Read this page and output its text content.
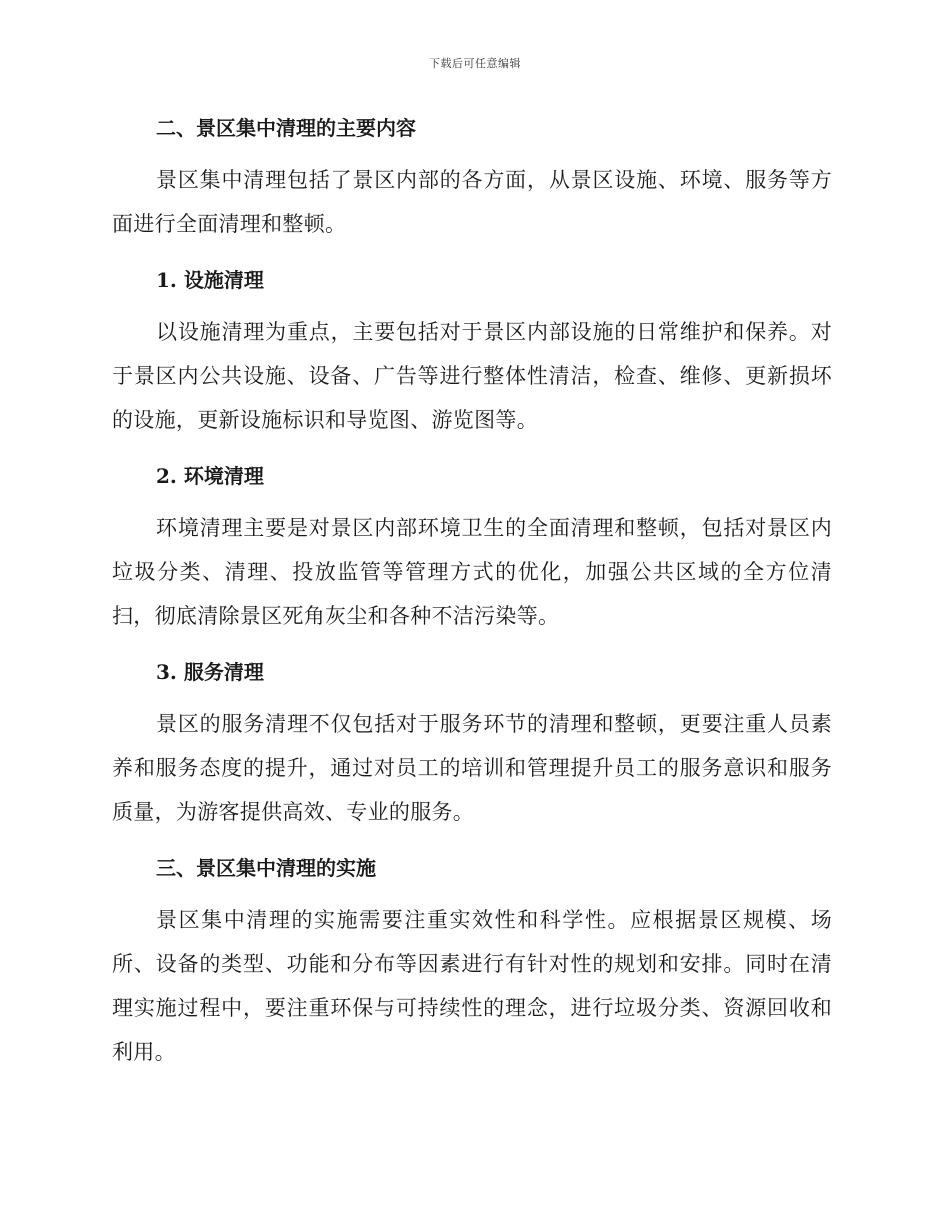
下载后可任意编辑
二、景区集中清理的主要内容

景区集中清理包括了景区内部的各方面，从景区设施、环境、服务等方面进行全面清理和整顿。

1. 设施清理

以设施清理为重点，主要包括对于景区内部设施的日常维护和保养。对于景区内公共设施、设备、广告等进行整体性清洁，检查、维修、更新损坏的设施，更新设施标识和导览图、游览图等。

2. 环境清理

环境清理主要是对景区内部环境卫生的全面清理和整顿，包括对景区内垃圾分类、清理、投放监管等管理方式的优化，加强公共区域的全方位清扫，彻底清除景区死角灰尘和各种不洁污染等。

3. 服务清理

景区的服务清理不仅包括对于服务环节的清理和整顿，更要注重人员素养和服务态度的提升，通过对员工的培训和管理提升员工的服务意识和服务质量，为游客提供高效、专业的服务。

三、景区集中清理的实施

景区集中清理的实施需要注重实效性和科学性。应根据景区规模、场所、设备的类型、功能和分布等因素进行有针对性的规划和安排。同时在清理实施过程中，要注重环保与可持续性的理念，进行垃圾分类、资源回收和利用。
